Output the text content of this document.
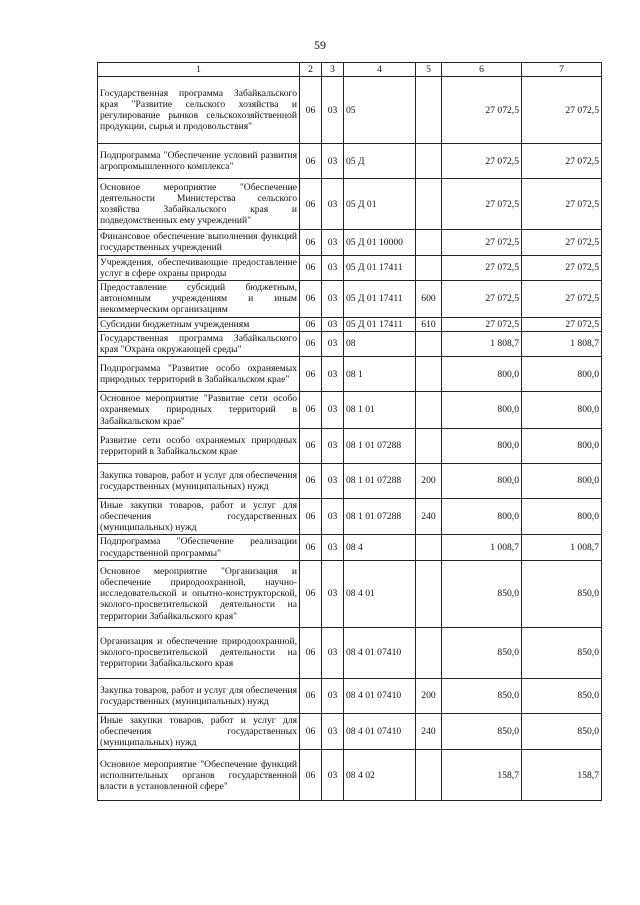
59
1	2	3	4	5	6	7
Государственная программа Забайкальского края "Развитие сельского хозяйства и регулирование рынков сельскохозяйственной продукции, сырья и продовольствия"	06	03	05		27 072,5	27 072,5
Подпрограмма "Обеспечение условий развития агропромышленного комплекса"	06	03	05 Д		27 072,5	27 072,5
Основное мероприятие "Обеспечение деятельности Министерства сельского хозяйства Забайкальского края и подведомственных ему учреждений"	06	03	05 Д 01		27 072,5	27 072,5
Финансовое обеспечение выполнения функций государственных учреждений	06	03	05 Д 01 10000		27 072,5	27 072,5
Учреждения, обеспечивающие предоставление услуг в сфере охраны природы	06	03	05 Д 01 17411		27 072,5	27 072,5
Предоставление субсидий бюджетным, автономным учреждениям и иным некоммерческим организациям	06	03	05 Д 01 17411	600	27 072,5	27 072,5
Субсидии бюджетным учреждениям	06	03	05 Д 01 17411	610	27 072,5	27 072,5
Государственная программа Забайкальского края "Охрана окружающей среды"	06	03	08		1 808,7	1 808,7
Подпрограмма "Развитие особо охраняемых природных территорий в Забайкальском крае"	06	03	08 1		800,0	800,0
Основное мероприятие "Развитие сети особо охраняемых природных территорий в Забайкальском крае"	06	03	08 1 01		800,0	800,0
Развитие сети особо охраняемых природных территорий в Забайкальском крае	06	03	08 1 01 07288		800,0	800,0
Закупка товаров, работ и услуг для обеспечения государственных (муниципальных) нужд	06	03	08 1 01 07288	200	800,0	800,0
Иные закупки товаров, работ и услуг для обеспечения государственных (муниципальных) нужд	06	03	08 1 01 07288	240	800,0	800,0
Подпрограмма "Обеспечение реализации государственной программы"	06	03	08 4		1 008,7	1 008,7
Основное мероприятие "Организация и обеспечение природоохранной, научно-исследовательской и опытно-конструкторской, эколого-просветительской деятельности на территории Забайкальского края"	06	03	08 4 01		850,0	850,0
Организация и обеспечение природоохранной, эколого-просветительской деятельности на территории Забайкальского края	06	03	08 4 01 07410		850,0	850,0
Закупка товаров, работ и услуг для обеспечения государственных (муниципальных) нужд	06	03	08 4 01 07410	200	850,0	850,0
Иные закупки товаров, работ и услуг для обеспечения государственных (муниципальных) нужд	06	03	08 4 01 07410	240	850,0	850,0
Основное мероприятие "Обеспечение функций исполнительных органов государственной власти в установленной сфере"	06	03	08 4 02		158,7	158,7
